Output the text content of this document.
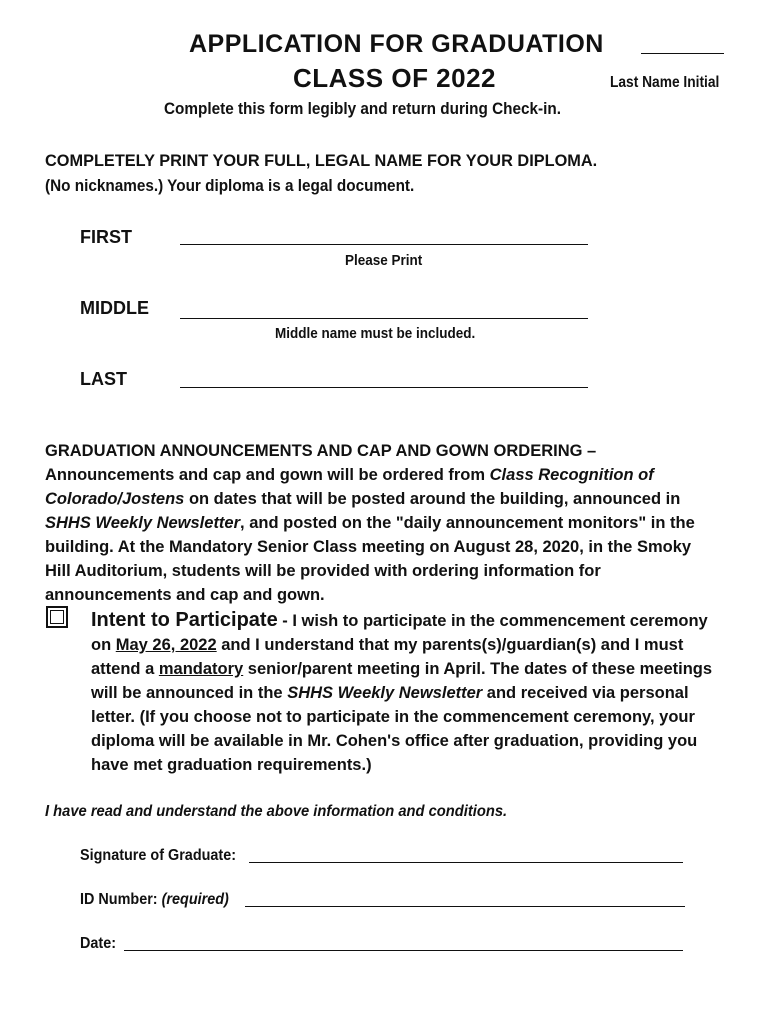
APPLICATION FOR GRADUATION
CLASS OF 2022	Last Name Initial
Complete this form legibly and return during Check-in.
COMPLETELY PRINT YOUR FULL, LEGAL NAME FOR YOUR DIPLOMA.
(No nicknames.) Your diploma is a legal document.
FIRST
Please Print
MIDDLE
Middle name must be included.
LAST
GRADUATION ANNOUNCEMENTS AND CAP AND GOWN ORDERING – Announcements and cap and gown will be ordered from Class Recognition of Colorado/Jostens on dates that will be posted around the building, announced in SHHS Weekly Newsletter, and posted on the "daily announcement monitors" in the building. At the Mandatory Senior Class meeting on August 28, 2020, in the Smoky Hill Auditorium, students will be provided with ordering information for announcements and cap and gown.
Intent to Participate - I wish to participate in the commencement ceremony on May 26, 2022 and I understand that my parents(s)/guardian(s) and I must attend a mandatory senior/parent meeting in April. The dates of these meetings will be announced in the SHHS Weekly Newsletter and received via personal letter. (If you choose not to participate in the commencement ceremony, your diploma will be available in Mr. Cohen's office after graduation, providing you have met graduation requirements.)
I have read and understand the above information and conditions.
Signature of Graduate:
ID Number: (required)
Date:
